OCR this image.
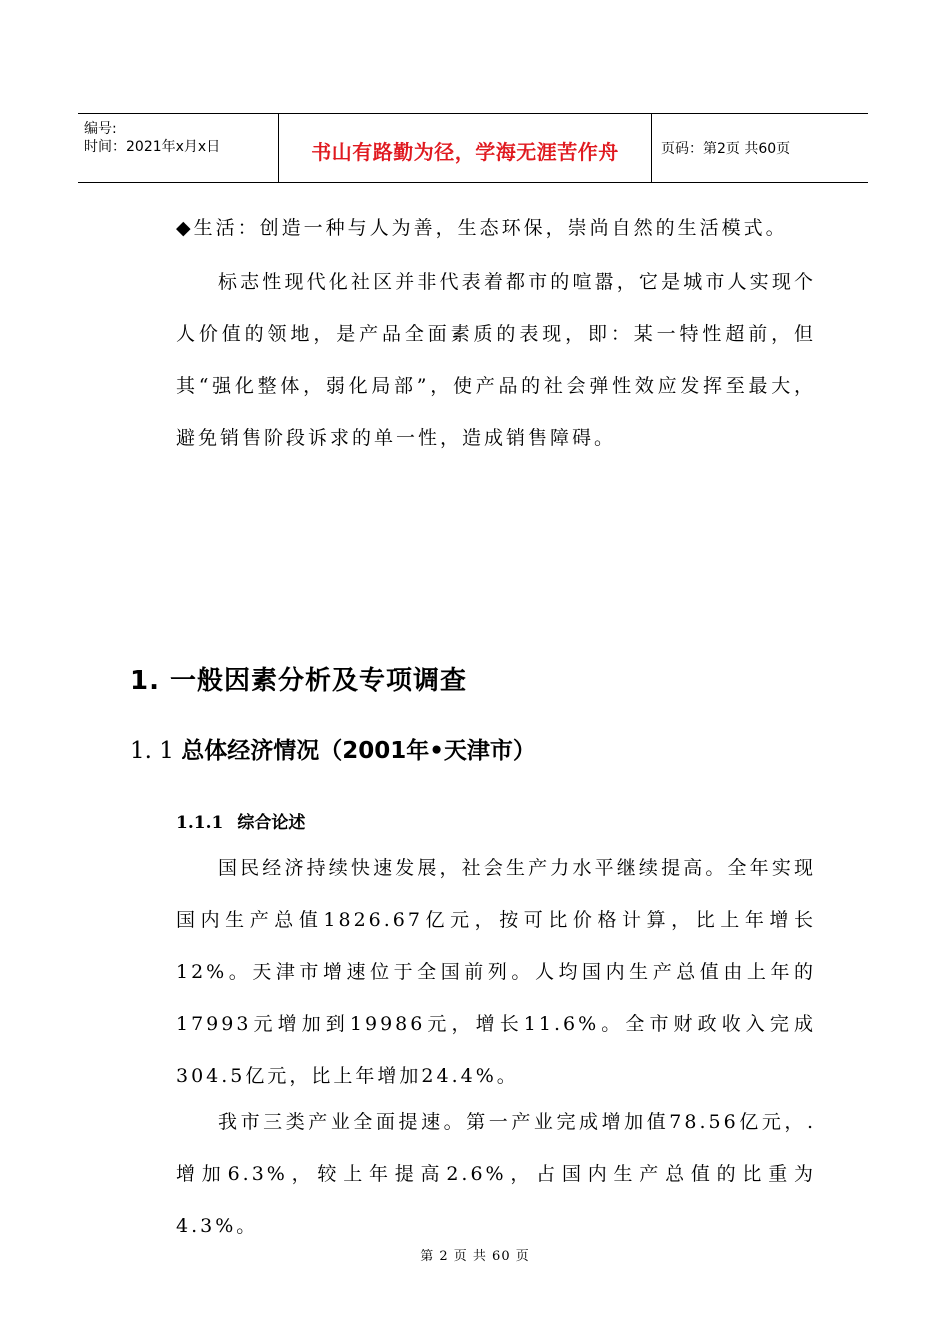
编号:
时间：2021年x月x日	书山有路勤为径，学海无涯苦作舟	页码：第2页 共60页

◆生活：创造一种与人为善，生态环保，崇尚自然的生活模式。

标志性现代化社区并非代表着都市的喧嚣，它是城市人实现个人价值的领地，是产品全面素质的表现，即：某一特性超前，但其“强化整体，弱化局部”，使产品的社会弹性效应发挥至最大，避免销售阶段诉求的单一性，造成销售障碍。

1. 一般因素分析及专项调查
1. 1 总体经济情况（2001年•天津市）
1.1.1 综合论述

国民经济持续快速发展，社会生产力水平继续提高。全年实现国内生产总值1826.67亿元，按可比价格计算，比上年增长12%。天津市增速位于全国前列。人均国内生产总值由上年的17993元增加到19986元，增长11.6%。全市财政收入完成304.5亿元，比上年增加24.4%。

我市三类产业全面提速。第一产业完成增加值78.56亿元，.增加6.3%，较上年提高2.6%，占国内生产总值的比重为4.3%。

第 2 页 共 60 页
